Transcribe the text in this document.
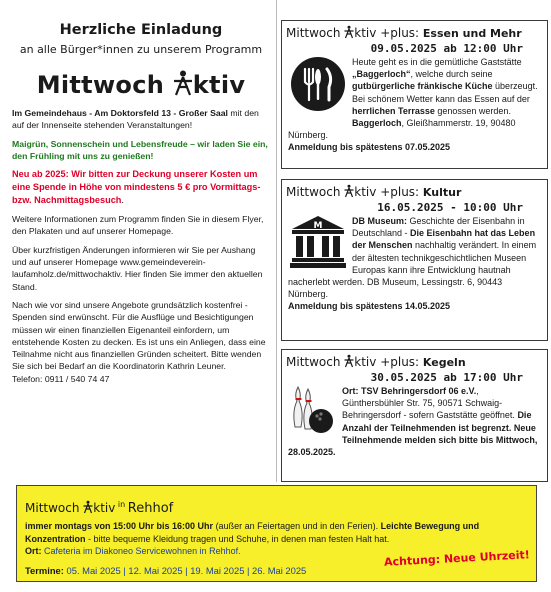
Herzliche Einladung
an alle Bürger*innen zu unserem Programm
Mittwoch ktiv
Im Gemeindehaus - Am Doktorsfeld 13 - Großer Saal mit den auf der Innenseite stehenden Veranstaltungen!
Maigrün, Sonnenschein und Lebensfreude – wir laden Sie ein, den Frühling mit uns zu genießen!
Neu ab 2025: Wir bitten zur Deckung unserer Kosten um eine Spende in Höhe von mindestens 5 € pro Vormittags- bzw. Nachmittagsbesuch.
Weitere Informationen zum Programm finden Sie in diesem Flyer, den Plakaten und auf unserer Homepage.
Über kurzfristigen Änderungen informieren wir Sie per Aushang und auf unserer Homepage www.gemeindeverein-laufamholz.de/mittwochaktiv. Hier finden Sie immer den aktuellen Stand.
Nach wie vor sind unsere Angebote grundsätzlich kostenfrei - Spenden sind erwünscht. Für die Ausflüge und Besichtigungen müssen wir einen finanziellen Eigenanteil einfordern, um entstehende Kosten zu decken. Es ist uns ein Anliegen, dass eine Teilnahme nicht aus finanziellen Gründen scheitert. Bitte wenden Sie sich bei Bedarf an die Koordinatorin Kathrin Leuner.
Telefon: 0911 / 540 74 47
Mittwoch ktiv +plus: Essen und Mehr
09.05.2025 ab 12:00 Uhr
Heute geht es in die gemütliche Gaststätte „Baggerloch“, welche durch seine gutbürgerliche fränkische Küche überzeugt. Bei schönem Wetter kann das Essen auf der herrlichen Terrasse genossen werden. Baggerloch, Gleißhammerstr. 19, 90480 Nürnberg.
Anmeldung bis spätestens 07.05.2025
Mittwoch ktiv +plus: Kultur
16.05.2025 - 10:00 Uhr
M	DB Museum: Geschichte der Eisenbahn in Deutschland - Die Eisenbahn hat das Leben der Menschen nachhaltig verändert. In einem der ältesten technikgeschichtlichen Museen Europas kann ihre Entwicklung hautnah nacherlebt werden. DB Museum, Lessingstr. 6, 90443 Nürnberg.
Anmeldung bis spätestens 14.05.2025
Mittwoch ktiv +plus: Kegeln
30.05.2025 ab 17:00 Uhr
Ort: TSV Behringersdorf 06 e.V., Günthersbühler Str. 75, 90571 Schwaig-Behringersdorf - sofern Gaststätte geöffnet. Die Anzahl der Teilnehmenden ist begrenzt. Neue Teilnehmende melden sich bitte bis Mittwoch, 28.05.2025.
Mittwoch ktiv $^{in}$ Rehhof
immer montags von 15:00 Uhr bis 16:00 Uhr (außer an Feiertagen und in den Ferien). Leichte Bewegung und Konzentration - bitte bequeme Kleidung tragen und Schuhe, in denen man festen Halt hat.
Ort: Cafeteria im Diakoneo Servicewohnen in Rehhof.	Achtung: Neue Uhrzeit!
Termine: 05. Mai 2025 | 12. Mai 2025 | 19. Mai 2025 | 26. Mai 2025
